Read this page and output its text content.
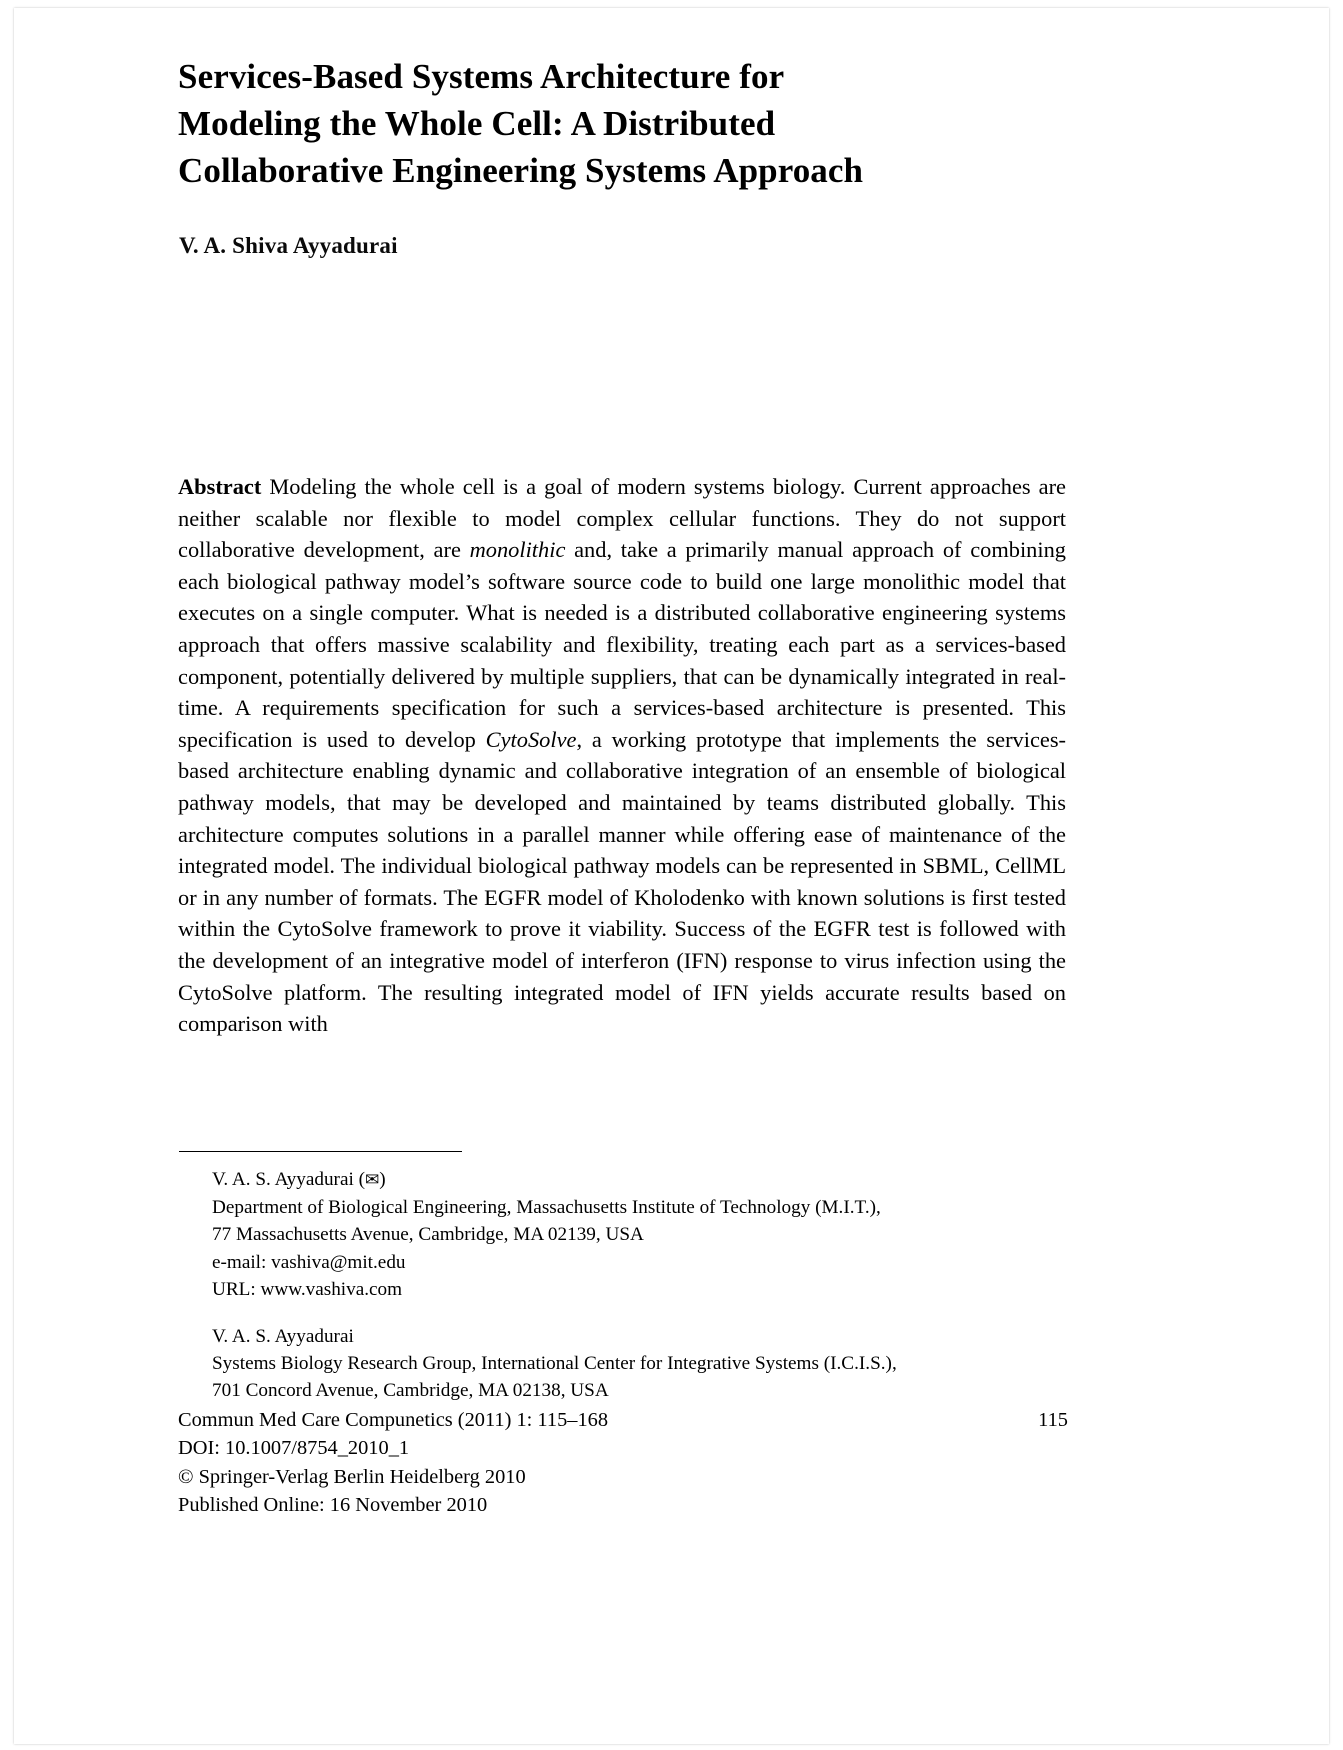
Services-Based Systems Architecture for
Modeling the Whole Cell: A Distributed
Collaborative Engineering Systems Approach
V. A. Shiva Ayyadurai
Abstract Modeling the whole cell is a goal of modern systems biology. Current approaches are neither scalable nor flexible to model complex cellular functions. They do not support collaborative development, are monolithic and, take a primarily manual approach of combining each biological pathway model’s software source code to build one large monolithic model that executes on a single computer. What is needed is a distributed collaborative engineering systems approach that offers massive scalability and flexibility, treating each part as a services-based component, potentially delivered by multiple suppliers, that can be dynamically integrated in real-time. A requirements specification for such a services-based architecture is presented. This specification is used to develop CytoSolve, a working prototype that implements the services-based architecture enabling dynamic and collaborative integration of an ensemble of biological pathway models, that may be developed and maintained by teams distributed globally. This architecture computes solutions in a parallel manner while offering ease of maintenance of the integrated model. The individual biological pathway models can be represented in SBML, CellML or in any number of formats. The EGFR model of Kholodenko with known solutions is first tested within the CytoSolve framework to prove it viability. Success of the EGFR test is followed with the development of an integrative model of interferon (IFN) response to virus infection using the CytoSolve platform. The resulting integrated model of IFN yields accurate results based on comparison with
V. A. S. Ayyadurai (✉)
Department of Biological Engineering, Massachusetts Institute of Technology (M.I.T.),
77 Massachusetts Avenue, Cambridge, MA 02139, USA
e-mail: vashiva@mit.edu
URL: www.vashiva.com
V. A. S. Ayyadurai
Systems Biology Research Group, International Center for Integrative Systems (I.C.I.S.),
701 Concord Avenue, Cambridge, MA 02138, USA
Commun Med Care Compunetics (2011) 1: 115–168	115
DOI: 10.1007/8754_2010_1
© Springer-Verlag Berlin Heidelberg 2010
Published Online: 16 November 2010
